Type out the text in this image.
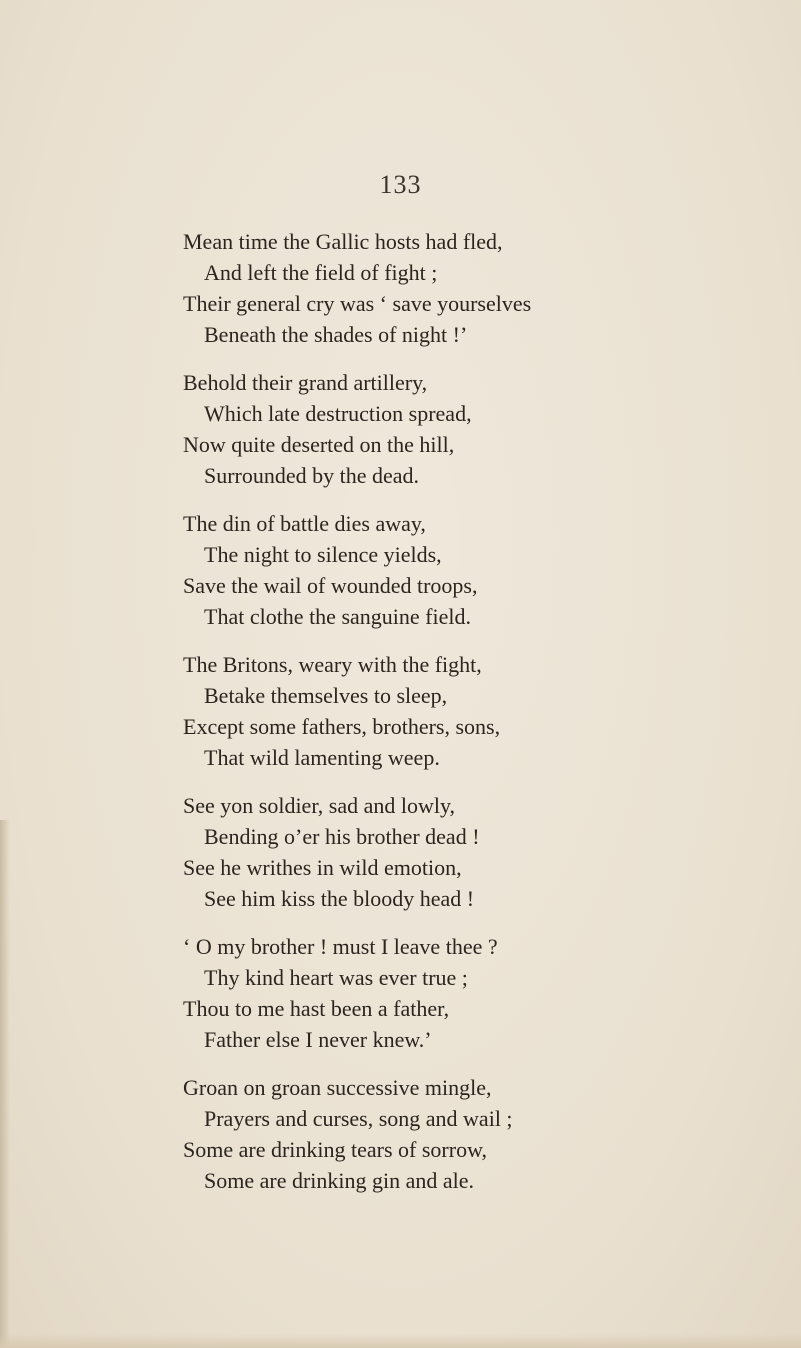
133
Mean time the Gallic hosts had fled,
And left the field of fight ;
Their general cry was ‘ save yourselves
Beneath the shades of night !’
Behold their grand artillery,
Which late destruction spread,
Now quite deserted on the hill,
Surrounded by the dead.
The din of battle dies away,
The night to silence yields,
Save the wail of wounded troops,
That clothe the sanguine field.
The Britons, weary with the fight,
Betake themselves to sleep,
Except some fathers, brothers, sons,
That wild lamenting weep.
See yon soldier, sad and lowly,
Bending o’er his brother dead !
See he writhes in wild emotion,
See him kiss the bloody head !
‘ O my brother ! must I leave thee ?
Thy kind heart was ever true ;
Thou to me hast been a father,
Father else I never knew.’
Groan on groan successive mingle,
Prayers and curses, song and wail ;
Some are drinking tears of sorrow,
Some are drinking gin and ale.
